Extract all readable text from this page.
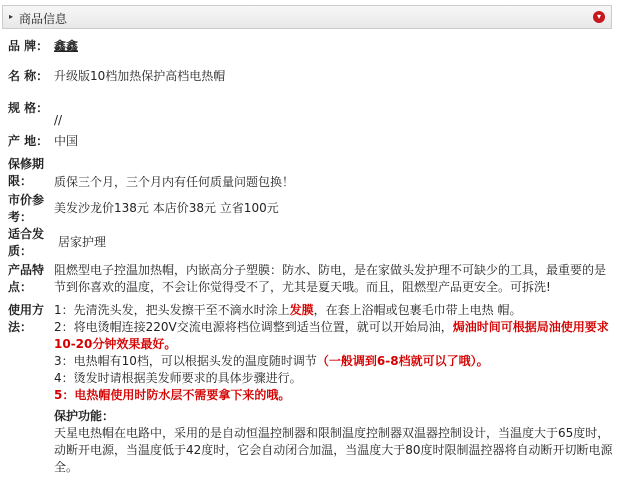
▸ 商品信息	▾
品 牌： 鑫鑫
名 称： 升级版10档加热保护高档电热帽
规 格：
//
产 地： 中国
保修期限：	质保三个月，三个月内有任何质量问题包换！
市价参考：
美发沙龙价138元 本店价38元 立省100元
适合发质：
居家护理
产品特点：
阻燃型电子控温加热帽，内嵌高分子塑膜：防水、防电，是在家做头发护理不可缺少的工具，最重要的是
节到你喜欢的温度，不会让你觉得受不了，尤其是夏天哦。而且，阻燃型产品更安全。可拆洗!
使用方法：
1：先清洗头发，把头发擦干至不滴水时涂上发膜，在套上浴帽或包裹毛巾带上电热 帽。
2：将电烫帽连接220V交流电源将档位调整到适当位置，就可以开始局油，焗油时间可根据局油使用要求
10-20分钟效果最好。
3：电热帽有10档，可以根据头发的温度随时调节（一般调到6-8档就可以了哦）。
4：烫发时请根据美发师要求的具体步骤进行。
5：电热帽使用时防水层不需要拿下来的哦。
保护功能：
天星电热帽在电路中，采用的是自动恒温控制器和限制温度控制器双温器控制设计，当温度大于65度时，
动断开电源，当温度低于42度时，它会自动闭合加温，当温度大于80度时限制温控器将自动断开切断电源
全。
